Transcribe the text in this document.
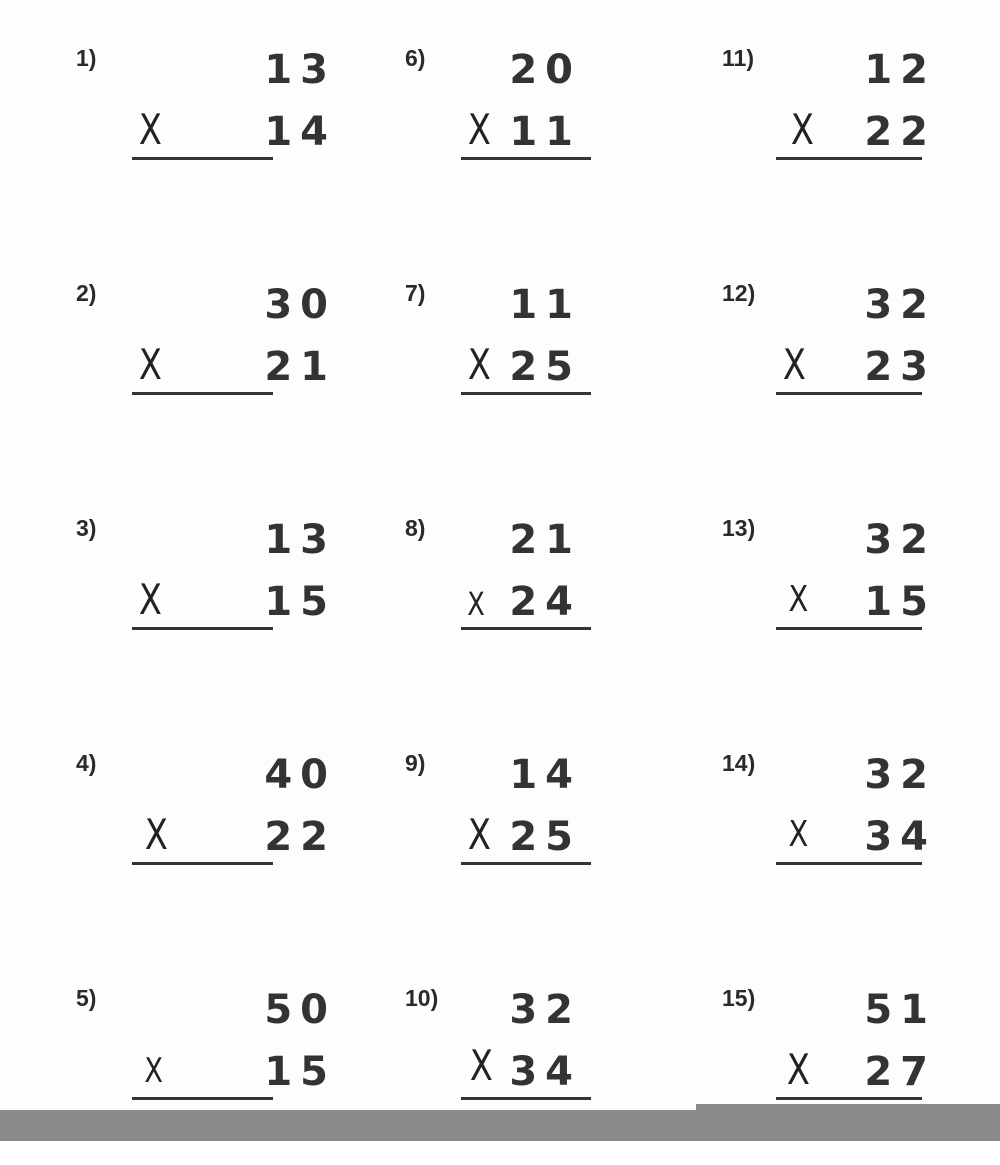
1)	13
X	14
2)	30
X	21
3)	13
X	15
4)	40
X 22
5)	50
X	15
6) 20
X 11
7) 11
X 25
8) 21
X 24
9) 14
X 25
10) 32
X 34
11)	12
X 22
12)	32
X 23
13)	32
X 15
14)	32
X 34
15)	51
X 27
